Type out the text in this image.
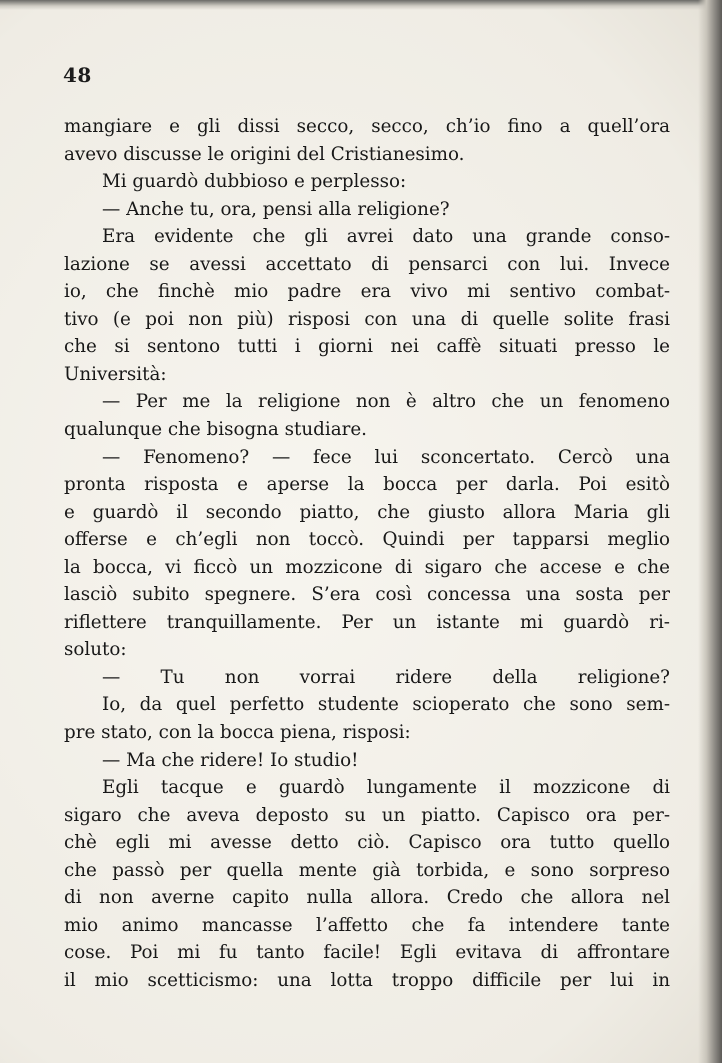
48
mangiare e gli dissi secco, secco, ch’io fino a quell’ora
avevo discusse le origini del Cristianesimo.
Mi guardò dubbioso e perplesso:
— Anche tu, ora, pensi alla religione?
Era evidente che gli avrei dato una grande conso-
lazione se avessi accettato di pensarci con lui. Invece
io, che finchè mio padre era vivo mi sentivo combat-
tivo (e poi non più) risposi con una di quelle solite frasi
che si sentono tutti i giorni nei caffè situati presso le
Università:
— Per me la religione non è altro che un fenomeno
qualunque che bisogna studiare.
— Fenomeno? — fece lui sconcertato. Cercò una
pronta risposta e aperse la bocca per darla. Poi esitò
e guardò il secondo piatto, che giusto allora Maria gli
offerse e ch’egli non toccò. Quindi per tapparsi meglio
la bocca, vi ficcò un mozzicone di sigaro che accese e che
lasciò subito spegnere. S’era così concessa una sosta per
riflettere tranquillamente. Per un istante mi guardò ri-
soluto:
— Tu non vorrai ridere della religione?
Io, da quel perfetto studente scioperato che sono sem-
pre stato, con la bocca piena, risposi:
— Ma che ridere! Io studio!
Egli tacque e guardò lungamente il mozzicone di
sigaro che aveva deposto su un piatto. Capisco ora per-
chè egli mi avesse detto ciò. Capisco ora tutto quello
che passò per quella mente già torbida, e sono sorpreso
di non averne capito nulla allora. Credo che allora nel
mio animo mancasse l’affetto che fa intendere tante
cose. Poi mi fu tanto facile! Egli evitava di affrontare
il mio scetticismo: una lotta troppo difficile per lui in
